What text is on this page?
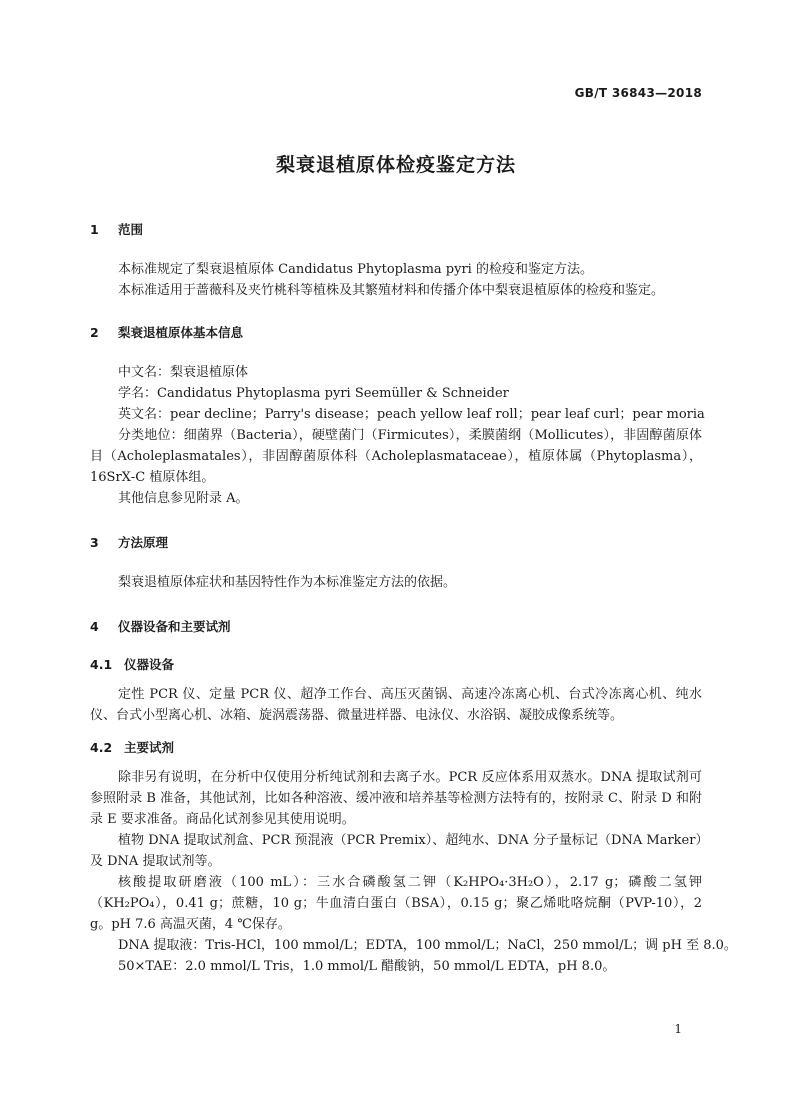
GB/T 36843—2018
梨衰退植原体检疫鉴定方法
1 范围
本标准规定了梨衰退植原体 Candidatus Phytoplasma pyri 的检疫和鉴定方法。
本标准适用于蔷薇科及夹竹桃科等植株及其繁殖材料和传播介体中梨衰退植原体的检疫和鉴定。
2 梨衰退植原体基本信息
中文名：梨衰退植原体
学名：Candidatus Phytoplasma pyri Seemüller & Schneider
英文名：pear decline；Parry's disease；peach yellow leaf roll；pear leaf curl；pear moria
分类地位：细菌界（Bacteria），硬壁菌门（Firmicutes），柔膜菌纲（Mollicutes），非固醇菌原体目（Acholeplasmatales），非固醇菌原体科（Acholeplasmataceae），植原体属（Phytoplasma），16SrⅩ-C 植原体组。
其他信息参见附录 A。
3 方法原理
梨衰退植原体症状和基因特性作为本标准鉴定方法的依据。
4 仪器设备和主要试剂
4.1 仪器设备
定性 PCR 仪、定量 PCR 仪、超净工作台、高压灭菌锅、高速冷冻离心机、台式冷冻离心机、纯水仪、台式小型离心机、冰箱、旋涡震荡器、微量进样器、电泳仪、水浴锅、凝胶成像系统等。
4.2 主要试剂
除非另有说明，在分析中仅使用分析纯试剂和去离子水。PCR 反应体系用双蒸水。DNA 提取试剂可参照附录 B 准备，其他试剂，比如各种溶液、缓冲液和培养基等检测方法特有的，按附录 C、附录 D 和附录 E 要求准备。商品化试剂参见其使用说明。
植物 DNA 提取试剂盒、PCR 预混液（PCR Premix）、超纯水、DNA 分子量标记（DNA Marker）及 DNA 提取试剂等。
核酸提取研磨液（100 mL）：三水合磷酸氢二钾（K₂HPO₄·3H₂O），2.17 g；磷酸二氢钾（KH₂PO₄），0.41 g；蔗糖，10 g；牛血清白蛋白（BSA），0.15 g；聚乙烯吡咯烷酮（PVP-10），2 g。pH 7.6 高温灭菌，4 ℃保存。
DNA 提取液：Tris-HCl，100 mmol/L；EDTA，100 mmol/L；NaCl，250 mmol/L；调 pH 至 8.0。
50×TAE：2.0 mmol/L Tris，1.0 mmol/L 醋酸钠，50 mmol/L EDTA，pH 8.0。
1
